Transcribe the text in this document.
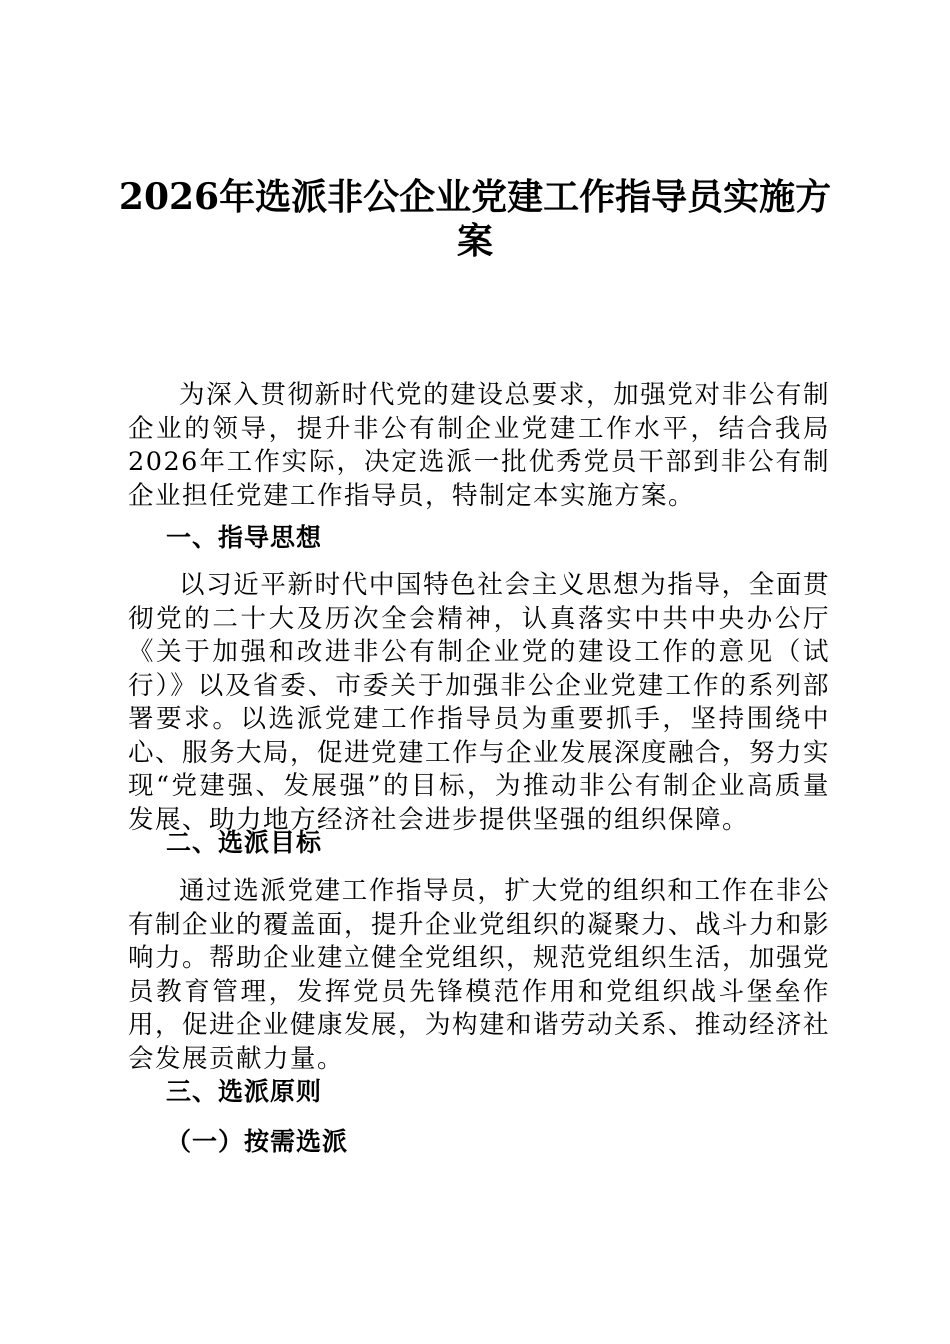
2026年选派非公企业党建工作指导员实施方
案

为深入贯彻新时代党的建设总要求，加强党对非公有制企业的领导，提升非公有制企业党建工作水平，结合我局2026年工作实际，决定选派一批优秀党员干部到非公有制企业担任党建工作指导员，特制定本实施方案。

一、指导思想

以习近平新时代中国特色社会主义思想为指导，全面贯彻党的二十大及历次全会精神，认真落实中共中央办公厅《关于加强和改进非公有制企业党的建设工作的意见（试行）》以及省委、市委关于加强非公企业党建工作的系列部署要求。以选派党建工作指导员为重要抓手，坚持围绕中心、服务大局，促进党建工作与企业发展深度融合，努力实现“党建强、发展强”的目标，为推动非公有制企业高质量发展、助力地方经济社会进步提供坚强的组织保障。

二、选派目标

通过选派党建工作指导员，扩大党的组织和工作在非公有制企业的覆盖面，提升企业党组织的凝聚力、战斗力和影响力。帮助企业建立健全党组织，规范党组织生活，加强党员教育管理，发挥党员先锋模范作用和党组织战斗堡垒作用，促进企业健康发展，为构建和谐劳动关系、推动经济社会发展贡献力量。

三、选派原则
（一）按需选派
